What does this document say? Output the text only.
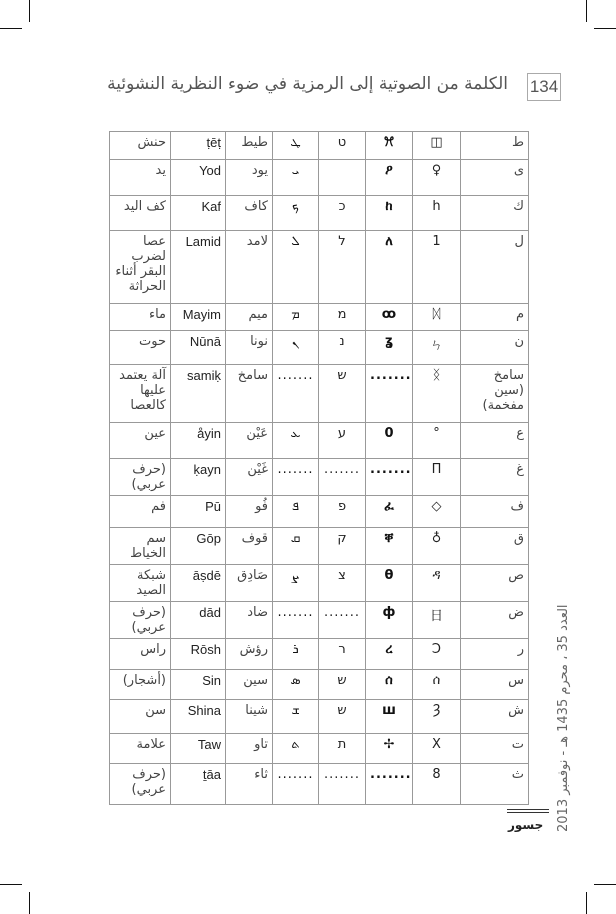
134
الكلمة من الصوتية إلى الرمزية في ضوء النظرية النشوئية
حنش	ṭēṭ	طيط	ܛ	ט	ꕮ	◫	ط
يد	Yod	يود	ܝ		ዖ	♀	ى
كف اليد	Kaf	كاف	ܟ	כ	ከ	h	ك
عصا لضرب البقر أثناء الحراثة	Lamid	لامد	ܠ	ל	ለ	1	ل
ماء	Mayim	ميم	ܡ	מ	ꝏ	ᛞ	م
حوت	Nūnā	نونا	ܢ	נ	ʓ	ㄣ	ن
آلة يعتمد عليها كالعصا	samiḳ	سامخ	.......	ש	.......	ᛝ	سامخ (سين مفخمة)
عين	åyin	عَيْن	ܥ	ע	0	°	ع
(حرف عربي)	ḳayn	غَيْن	.......	.......	.......	Π	غ
فم	Pū	فُو	ܦ	פ	ፈ	◇	ف
سم الخياط	Gōp	قوف	ܩ	ק	ቐ	♁	ق
شبكة الصيد	āṣdē	صَادِق	ܨ	צ	θ	ዳ	ص
(حرف عربي)	dād	ضاد	.......	.......	ф	日	ض
راس	Rōsh	رؤش	ܪ	ר	ረ	Ͻ	ر
(أشجار)	Sin	سين	ܣ	ש	ሰ	ሰ	س
سن	Shina	شينا	ܫ	ש	ш	Ȝ	ش
علامة	Taw	تاو	ܬ	ת	✢	X	ت
(حرف عربي)	ṯāa	ثاء	.......	.......	.......	8	ث
العدد 35 ، محرم 1435 هـ - نوفمبر 2013
جسور
